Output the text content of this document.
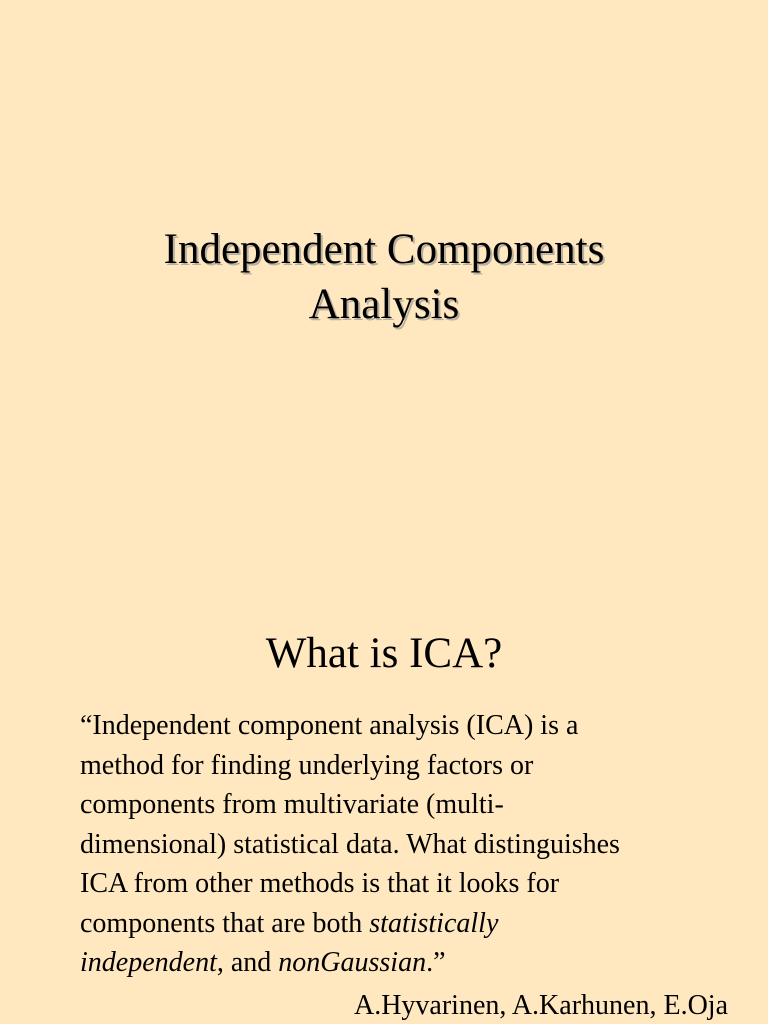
Independent Components
Analysis
What is ICA?

“Independent component analysis (ICA) is a
method for finding underlying factors or
components from multivariate (multi-
dimensional) statistical data. What distinguishes
ICA from other methods is that it looks for
components that are both statistically
independent, and nonGaussian.”

A.Hyvarinen, A.Karhunen, E.Oja
